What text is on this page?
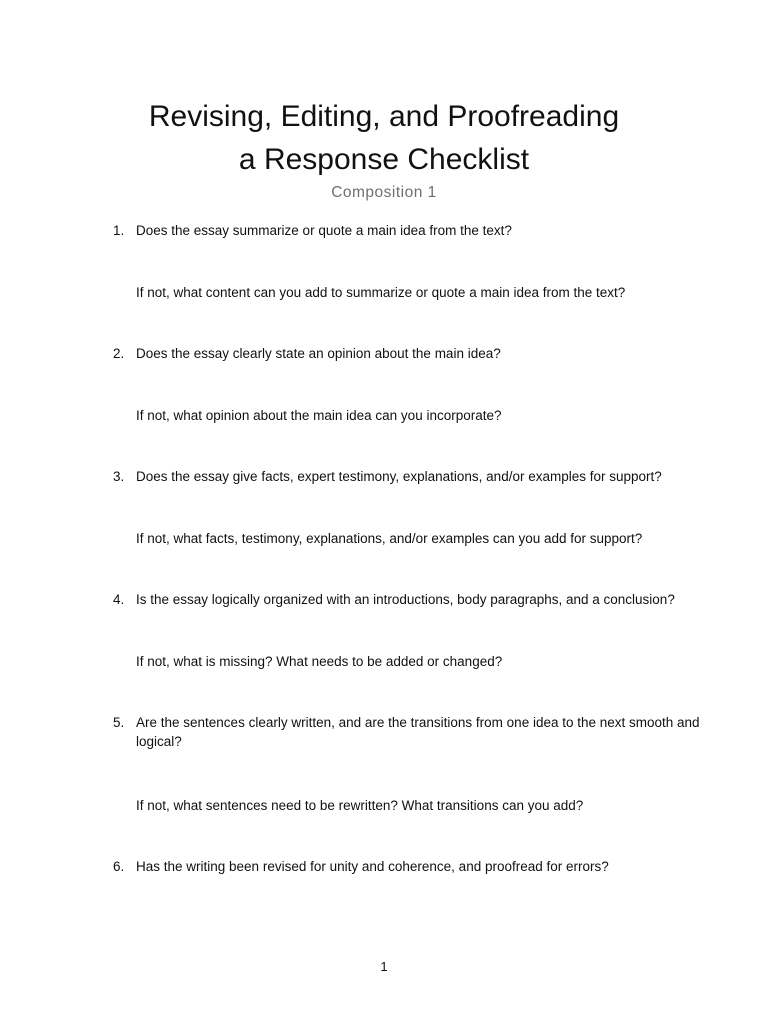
Revising, Editing, and Proofreading
a Response Checklist
Composition 1
1. Does the essay summarize or quote a main idea from the text?
If not, what content can you add to summarize or quote a main idea from the text?
2. Does the essay clearly state an opinion about the main idea?
If not, what opinion about the main idea can you incorporate?
3. Does the essay give facts, expert testimony, explanations, and/or examples for support?
If not, what facts, testimony, explanations, and/or examples can you add for support?
4. Is the essay logically organized with an introductions, body paragraphs, and a conclusion?
If not, what is missing? What needs to be added or changed?
5. Are the sentences clearly written, and are the transitions from one idea to the next smooth and logical?
If not, what sentences need to be rewritten? What transitions can you add?
6. Has the writing been revised for unity and coherence, and proofread for errors?
1
